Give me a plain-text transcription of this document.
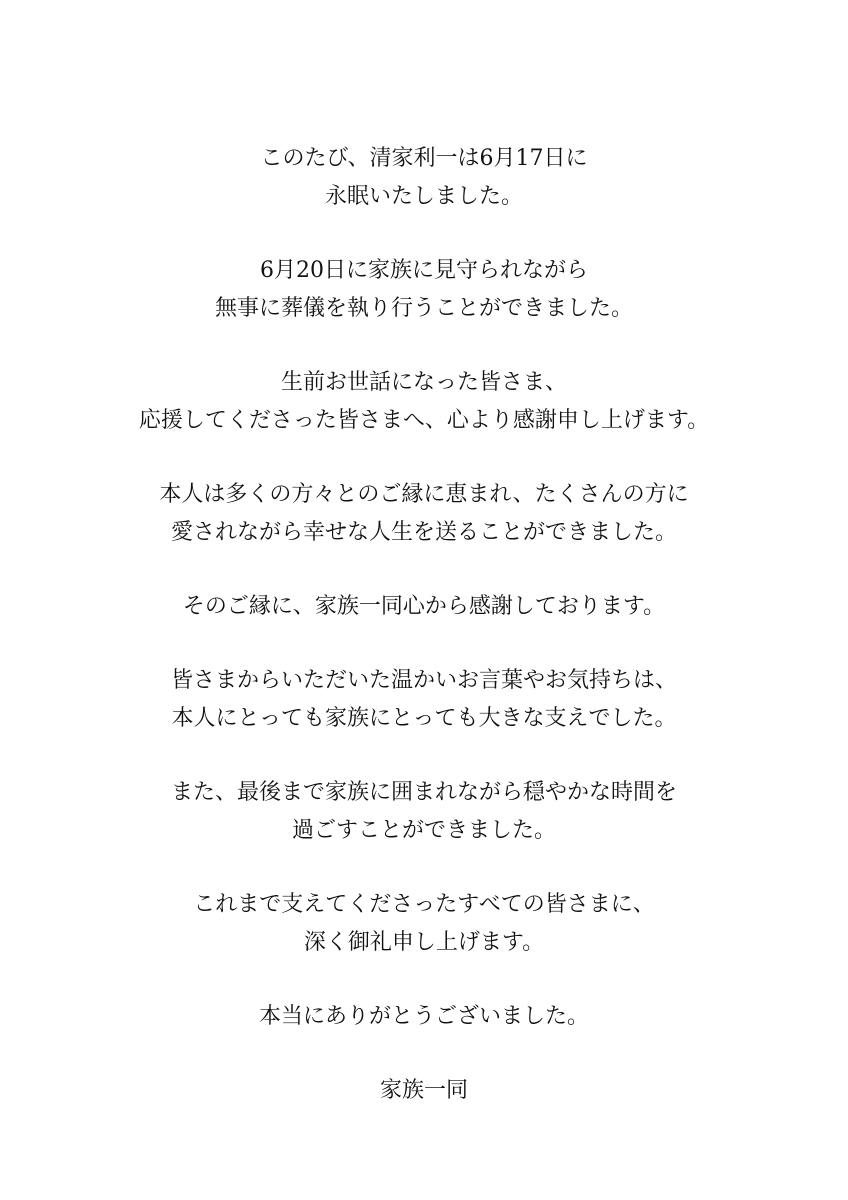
このたび、清家利一は6月17日に
永眠いたしました。

6月20日に家族に見守られながら
無事に葬儀を執り行うことができました。

生前お世話になった皆さま、
応援してくださった皆さまへ、心より感謝申し上げます。

本人は多くの方々とのご縁に恵まれ、たくさんの方に
愛されながら幸せな人生を送ることができました。

そのご縁に、家族一同心から感謝しております。

皆さまからいただいた温かいお言葉やお気持ちは、
本人にとっても家族にとっても大きな支えでした。

また、最後まで家族に囲まれながら穏やかな時間を
過ごすことができました。

これまで支えてくださったすべての皆さまに、
深く御礼申し上げます。

本当にありがとうございました。

家族一同
